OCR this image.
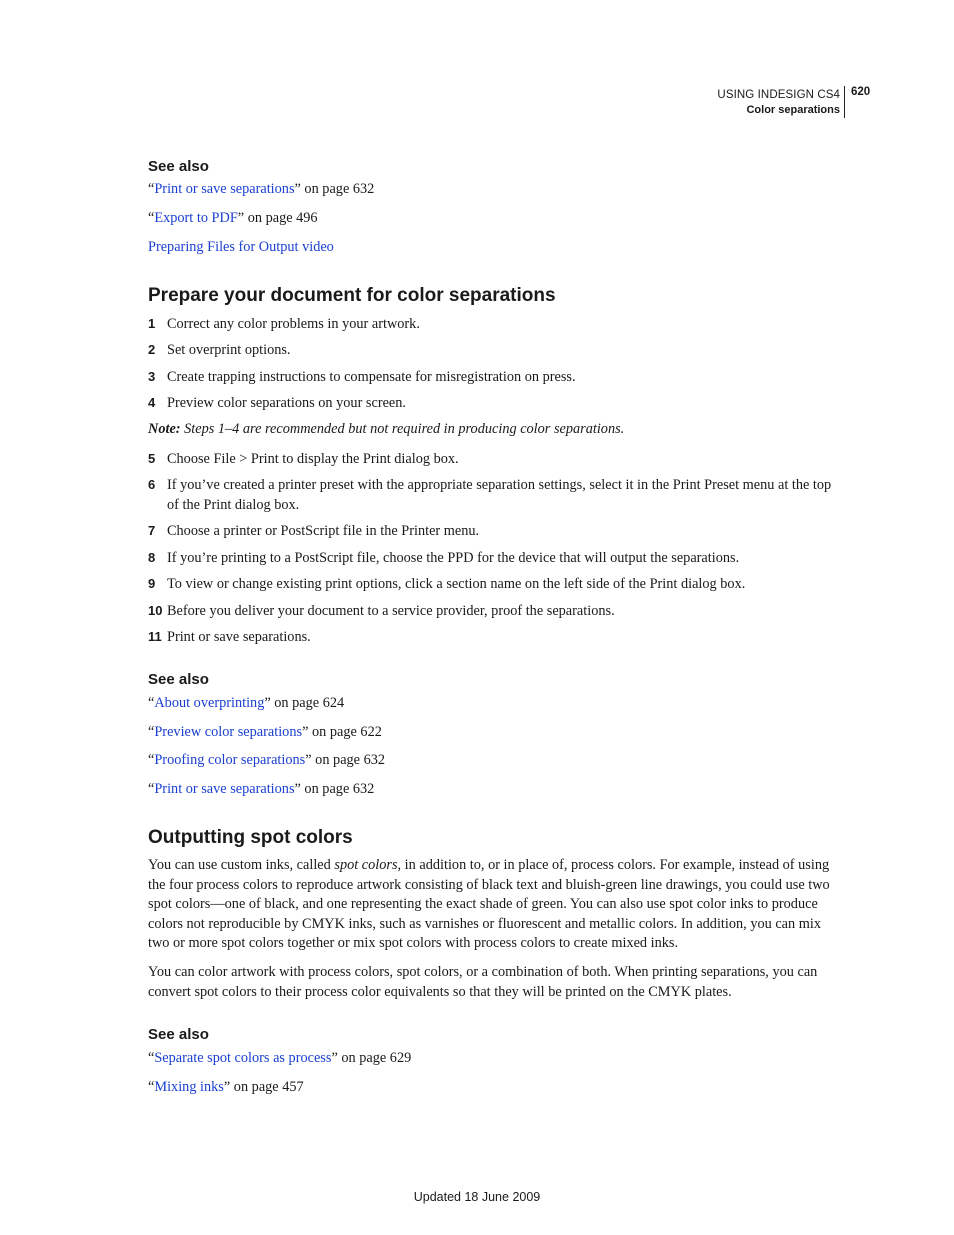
USING INDESIGN CS4
Color separations
620
See also
“Print or save separations” on page 632
“Export to PDF” on page 496
Preparing Files for Output video
Prepare your document for color separations
1 Correct any color problems in your artwork.
2 Set overprint options.
3 Create trapping instructions to compensate for misregistration on press.
4 Preview color separations on your screen.
Note: Steps 1–4 are recommended but not required in producing color separations.
5 Choose File > Print to display the Print dialog box.
6 If you’ve created a printer preset with the appropriate separation settings, select it in the Print Preset menu at the top of the Print dialog box.
7 Choose a printer or PostScript file in the Printer menu.
8 If you’re printing to a PostScript file, choose the PPD for the device that will output the separations.
9 To view or change existing print options, click a section name on the left side of the Print dialog box.
10 Before you deliver your document to a service provider, proof the separations.
11 Print or save separations.
See also
“About overprinting” on page 624
“Preview color separations” on page 622
“Proofing color separations” on page 632
“Print or save separations” on page 632
Outputting spot colors
You can use custom inks, called spot colors, in addition to, or in place of, process colors. For example, instead of using the four process colors to reproduce artwork consisting of black text and bluish-green line drawings, you could use two spot colors—one of black, and one representing the exact shade of green. You can also use spot color inks to produce colors not reproducible by CMYK inks, such as varnishes or fluorescent and metallic colors. In addition, you can mix two or more spot colors together or mix spot colors with process colors to create mixed inks.
You can color artwork with process colors, spot colors, or a combination of both. When printing separations, you can convert spot colors to their process color equivalents so that they will be printed on the CMYK plates.
See also
“Separate spot colors as process” on page 629
“Mixing inks” on page 457
Updated 18 June 2009
